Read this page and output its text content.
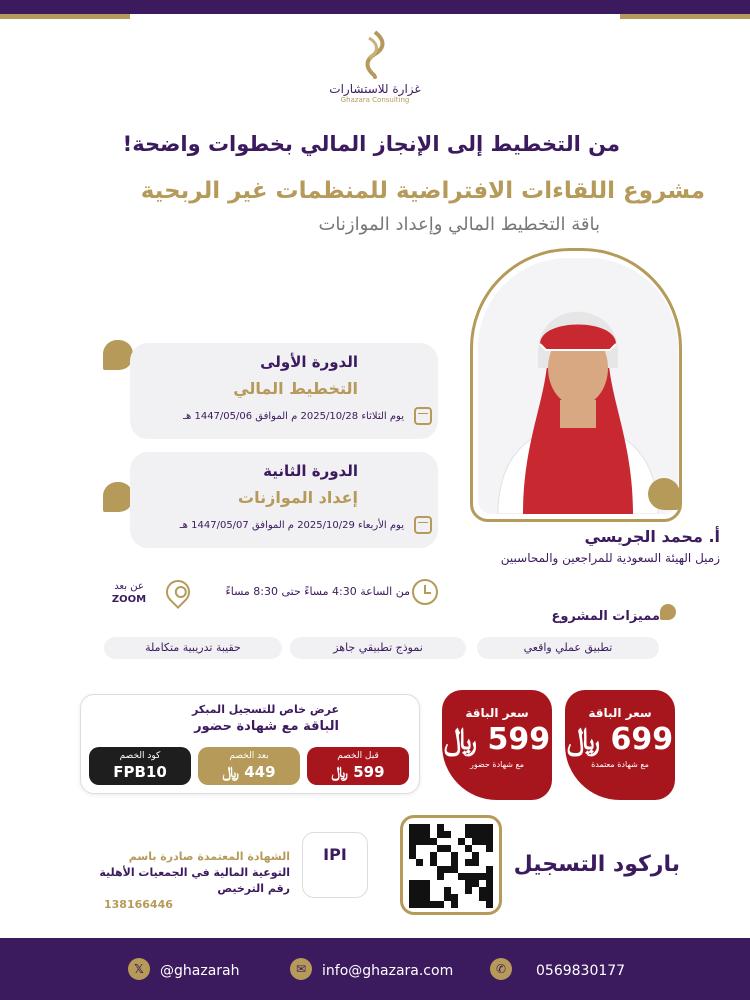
غزارة للاستشارات
Ghazara Consulting
من التخطيط إلى الإنجاز المالي بخطوات واضحة!
مشروع اللقاءات الافتراضية للمنظمات غير الربحية
باقة التخطيط المالي وإعداد الموازنات
أ. محمد الجريسي
زميل الهيئة السعودية للمراجعين والمحاسبين
الدورة الأولى
التخطيط المالي
يوم الثلاثاء 2025/10/28 م الموافق 1447/05/06 هـ
الدورة الثانية
إعداد الموازنات
يوم الأربعاء 2025/10/29 م الموافق 1447/05/07 هـ
من الساعة 4:30 مساءً حتى 8:30 مساءً
عن بعد
ZOOM
مميزات المشروع
تطبيق عملي واقعي
نموذج تطبيقي جاهز
حقيبة تدريبية متكاملة
عرض خاص للتسجيل المبكر
الباقة مع شهادة حضور
قبل الخصم
599 ﷼
بعد الخصم
449 ﷼
كود الخصم
FPB10
سعر الباقة
699 ﷼
مع شهادة معتمدة
سعر الباقة
599 ﷼
مع شهادة حضور
باركود التسجيل
IPI
الشهادة المعتمدة صادرة باسم
التوعية المالية في الجمعيات الأهلية
رقم الترخيص
138166446
𝕏	@ghazarah	✉	info@ghazara.com	✆	0569830177
